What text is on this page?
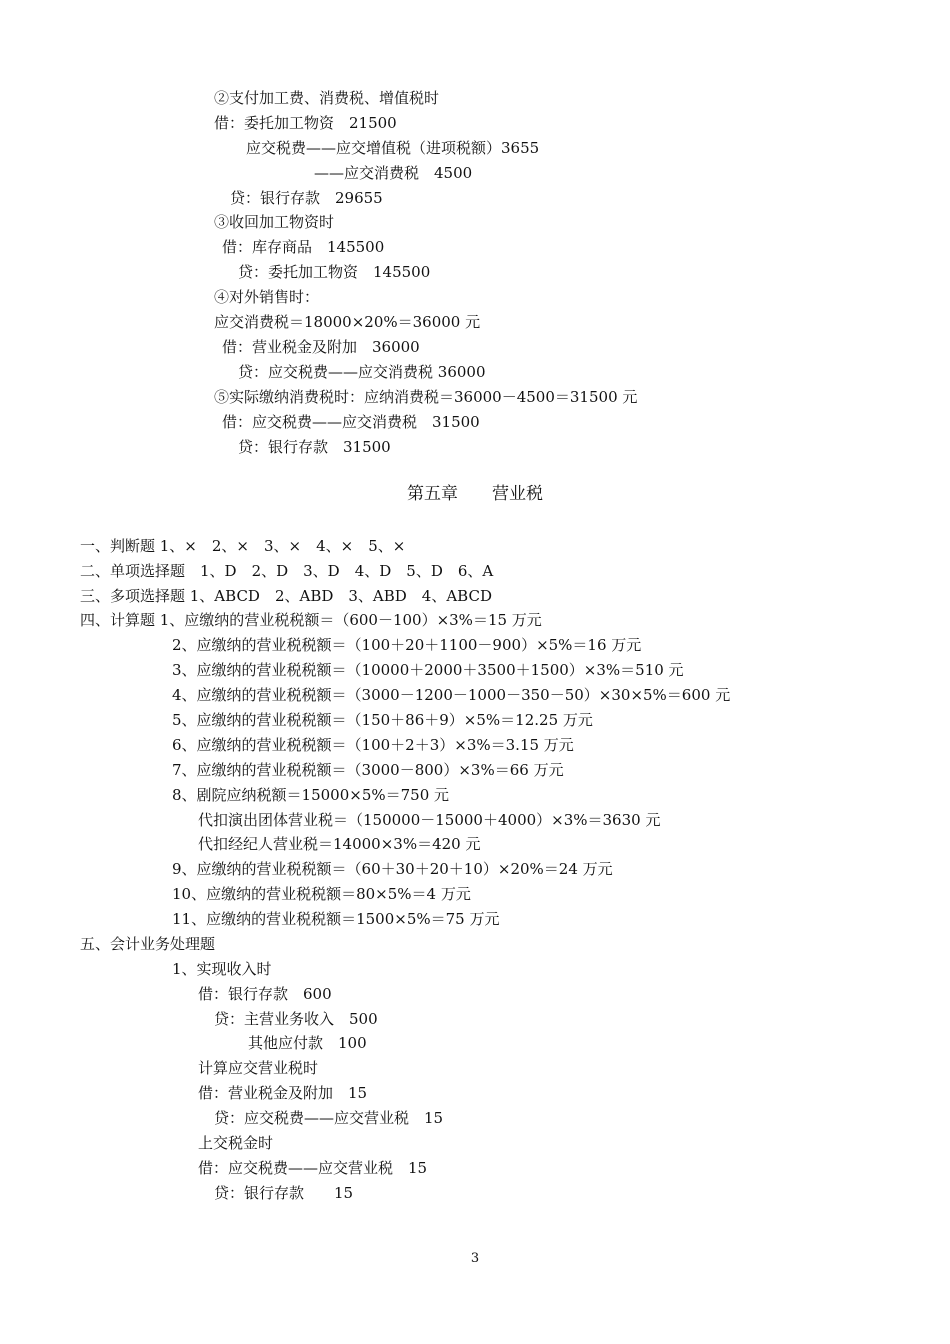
②支付加工费、消费税、增值税时
借：委托加工物资　21500
应交税费——应交增值税（进项税额）3655
——应交消费税　4500
贷：银行存款　29655
③收回加工物资时
借：库存商品　145500
贷：委托加工物资　145500
④对外销售时：
应交消费税＝18000×20%＝36000 元
借：营业税金及附加　36000
贷：应交税费——应交消费税 36000
⑤实际缴纳消费税时：应纳消费税＝36000－4500＝31500 元
借：应交税费——应交消费税　31500
贷：银行存款　31500
第五章　　营业税
一、判断题 1、×　2、×　3、×　4、×　5、×
二、单项选择题　1、D　2、D　3、D　4、D　5、D　6、A
三、多项选择题 1、ABCD　2、ABD　3、ABD　4、ABCD
四、计算题 1、应缴纳的营业税税额＝（600－100）×3%＝15 万元
2、应缴纳的营业税税额＝（100＋20＋1100－900）×5%＝16 万元
3、应缴纳的营业税税额＝（10000＋2000＋3500＋1500）×3%＝510 元
4、应缴纳的营业税税额＝（3000－1200－1000－350－50）×30×5%＝600 元
5、应缴纳的营业税税额＝（150＋86＋9）×5%＝12.25 万元
6、应缴纳的营业税税额＝（100＋2＋3）×3%＝3.15 万元
7、应缴纳的营业税税额＝（3000－800）×3%＝66 万元
8、剧院应纳税额＝15000×5%＝750 元
代扣演出团体营业税＝（150000－15000＋4000）×3%＝3630 元
代扣经纪人营业税＝14000×3%＝420 元
9、应缴纳的营业税税额＝（60＋30＋20＋10）×20%＝24 万元
10、应缴纳的营业税税额＝80×5%＝4 万元
11、应缴纳的营业税税额＝1500×5%＝75 万元
五、会计业务处理题
1、实现收入时
借：银行存款　600
贷：主营业务收入　500
其他应付款　100
计算应交营业税时
借：营业税金及附加　15
贷：应交税费——应交营业税　15
上交税金时
借：应交税费——应交营业税　15
贷：银行存款　　15
3
